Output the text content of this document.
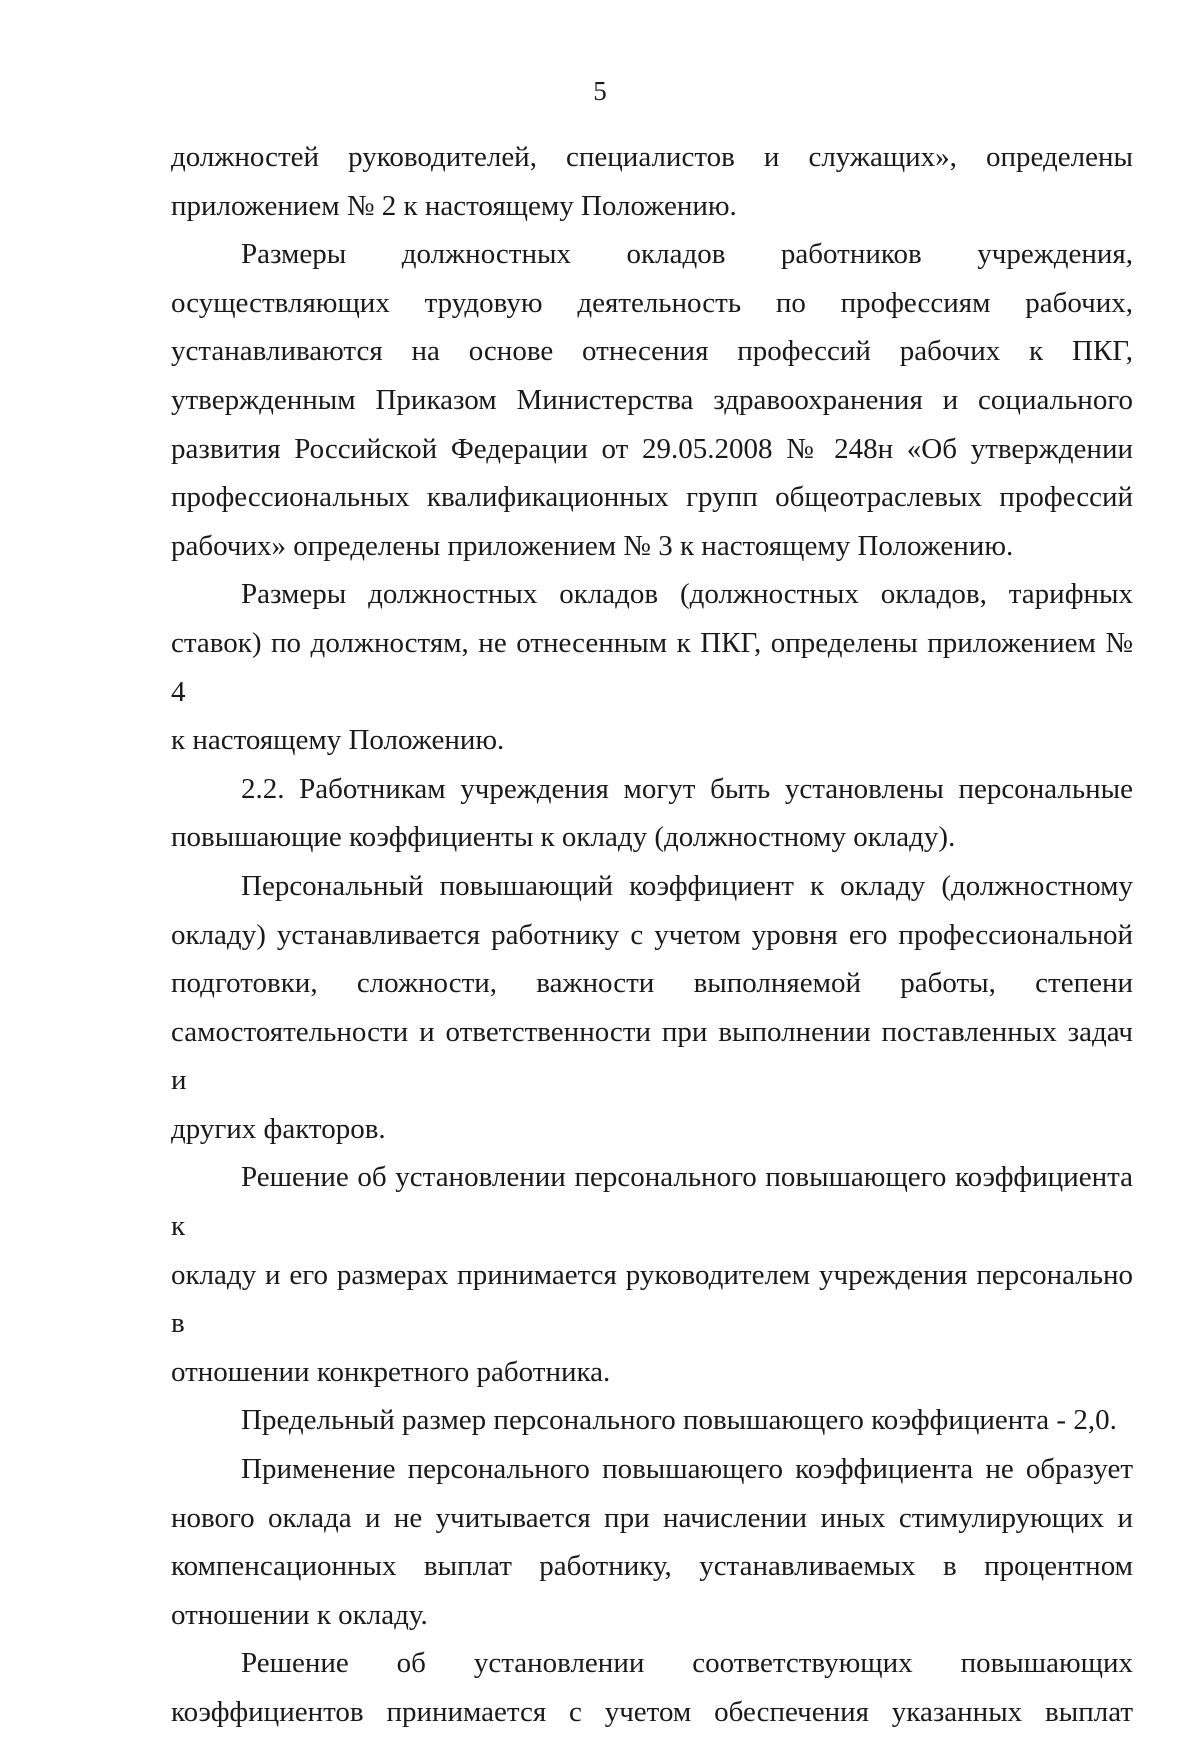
5
должностей руководителей, специалистов и служащих», определены
приложением № 2 к настоящему Положению.
Размеры должностных окладов работников учреждения,
осуществляющих трудовую деятельность по профессиям рабочих,
устанавливаются на основе отнесения профессий рабочих к ПКГ,
утвержденным Приказом Министерства здравоохранения и социального
развития Российской Федерации от 29.05.2008 № 248н «Об утверждении
профессиональных квалификационных групп общеотраслевых профессий
рабочих» определены приложением № 3 к настоящему Положению.
Размеры должностных окладов (должностных окладов, тарифных
ставок) по должностям, не отнесенным к ПКГ, определены приложением № 4
к настоящему Положению.
2.2. Работникам учреждения могут быть установлены персональные
повышающие коэффициенты к окладу (должностному окладу).
Персональный повышающий коэффициент к окладу (должностному
окладу) устанавливается работнику с учетом уровня его профессиональной
подготовки, сложности, важности выполняемой работы, степени
самостоятельности и ответственности при выполнении поставленных задач и
других факторов.
Решение об установлении персонального повышающего коэффициента к
окладу и его размерах принимается руководителем учреждения персонально в
отношении конкретного работника.
Предельный размер персонального повышающего коэффициента - 2,0.
Применение персонального повышающего коэффициента не образует
нового оклада и не учитывается при начислении иных стимулирующих и
компенсационных выплат работнику, устанавливаемых в процентном
отношении к окладу.
Решение об установлении соответствующих повышающих
коэффициентов принимается с учетом обеспечения указанных выплат
